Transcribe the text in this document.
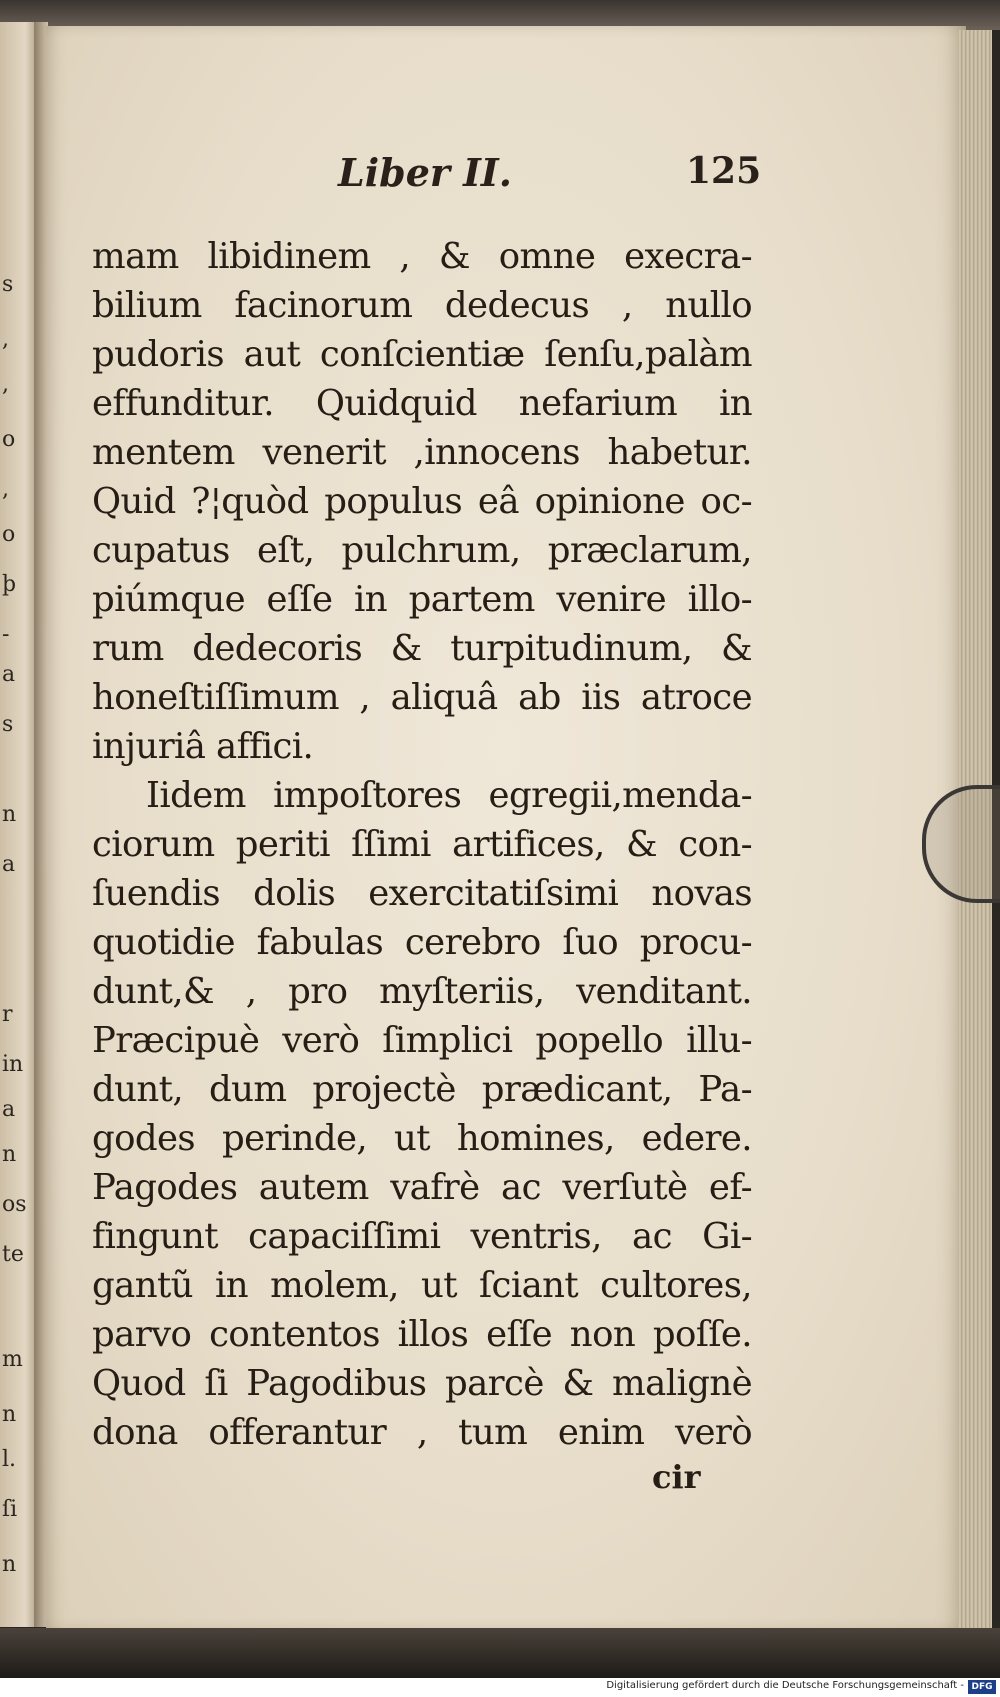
s
,
,
o
,
o
þ
-
a
s
n
a
r
in
a
n
os
te
m
n
l.
ſi
n
Liber II.	125
mam libidinem , & omne execra-
bilium facinorum dedecus , nullo
pudoris aut conſcientiæ ſenſu,palàm
effunditur. Quidquid nefarium in
mentem venerit ,innocens habetur.
Quid ?¦quòd populus eâ opinione oc-
cupatus eſt, pulchrum, præclarum,
piúmque eſſe in partem venire illo-
rum dedecoris & turpitudinum, &
honeſtiſſimum , aliquâ ab iis atroce
injuriâ affici.
Iidem impoſtores egregii,menda-
ciorum periti ſſimi artifices, & con-
ſuendis dolis exercitatiſsimi novas
quotidie fabulas cerebro ſuo procu-
dunt,& , pro myſteriis, venditant.
Præcipuè verò ſimplici popello illu-
dunt, dum projectè prædicant, Pa-
godes perinde, ut homines, edere.
Pagodes autem vafrè ac verſutè ef-
fingunt capaciſſimi ventris, ac Gi-
gantũ in molem, ut ſciant cultores,
parvo contentos illos eſſe non poſſe.
Quod ſi Pagodibus parcè & malignè
dona offerantur , tum enim verò
cir
Digitalisierung gefördert durch die Deutsche Forschungsgemeinschaft - DFG
